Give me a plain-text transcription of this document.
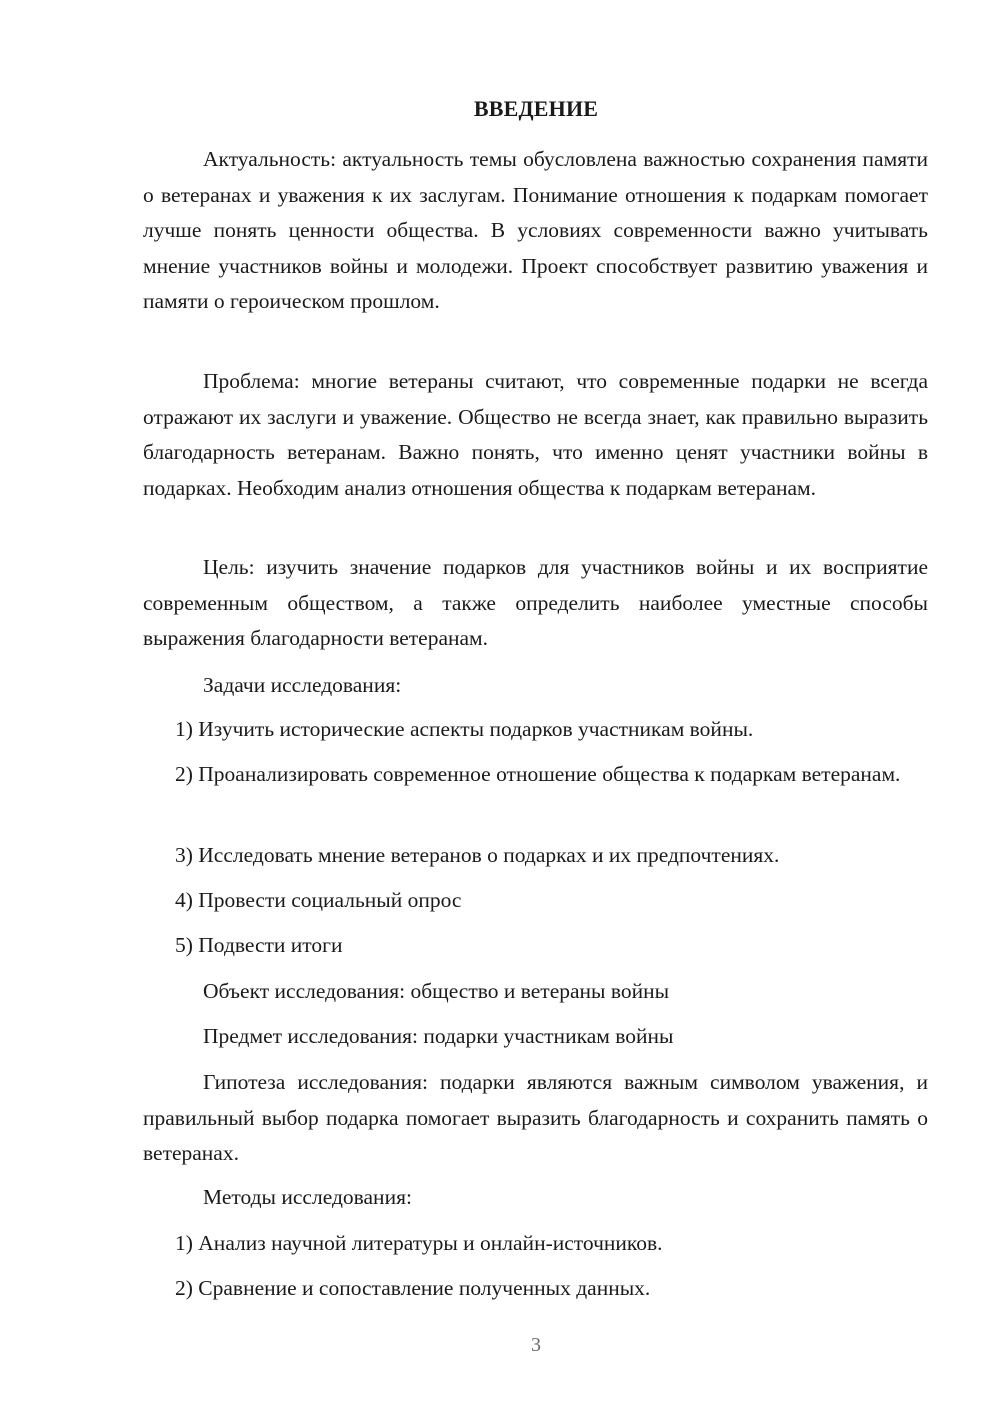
ВВЕДЕНИЕ

Актуальность: актуальность темы обусловлена важностью сохранения памяти о ветеранах и уважения к их заслугам. Понимание отношения к подаркам помогает лучше понять ценности общества. В условиях современности важно учитывать мнение участников войны и молодежи. Проект способствует развитию уважения и памяти о героическом прошлом.

Проблема: многие ветераны считают, что современные подарки не всегда отражают их заслуги и уважение. Общество не всегда знает, как правильно выразить благодарность ветеранам. Важно понять, что именно ценят участники войны в подарках. Необходим анализ отношения общества к подаркам ветеранам.

Цель: изучить значение подарков для участников войны и их восприятие современным обществом, а также определить наиболее уместные способы выражения благодарности ветеранам.

Задачи исследования:

1) Изучить исторические аспекты подарков участникам войны.

2) Проанализировать современное отношение общества к подаркам ветеранам.

3) Исследовать мнение ветеранов о подарках и их предпочтениях.

4) Провести социальный опрос

5) Подвести итоги

Объект исследования: общество и ветераны войны

Предмет исследования: подарки участникам войны

Гипотеза исследования: подарки являются важным символом уважения, и правильный выбор подарка помогает выразить благодарность и сохранить память о ветеранах.

Методы исследования:

1) Анализ научной литературы и онлайн-источников.

2) Сравнение и сопоставление полученных данных.

3
